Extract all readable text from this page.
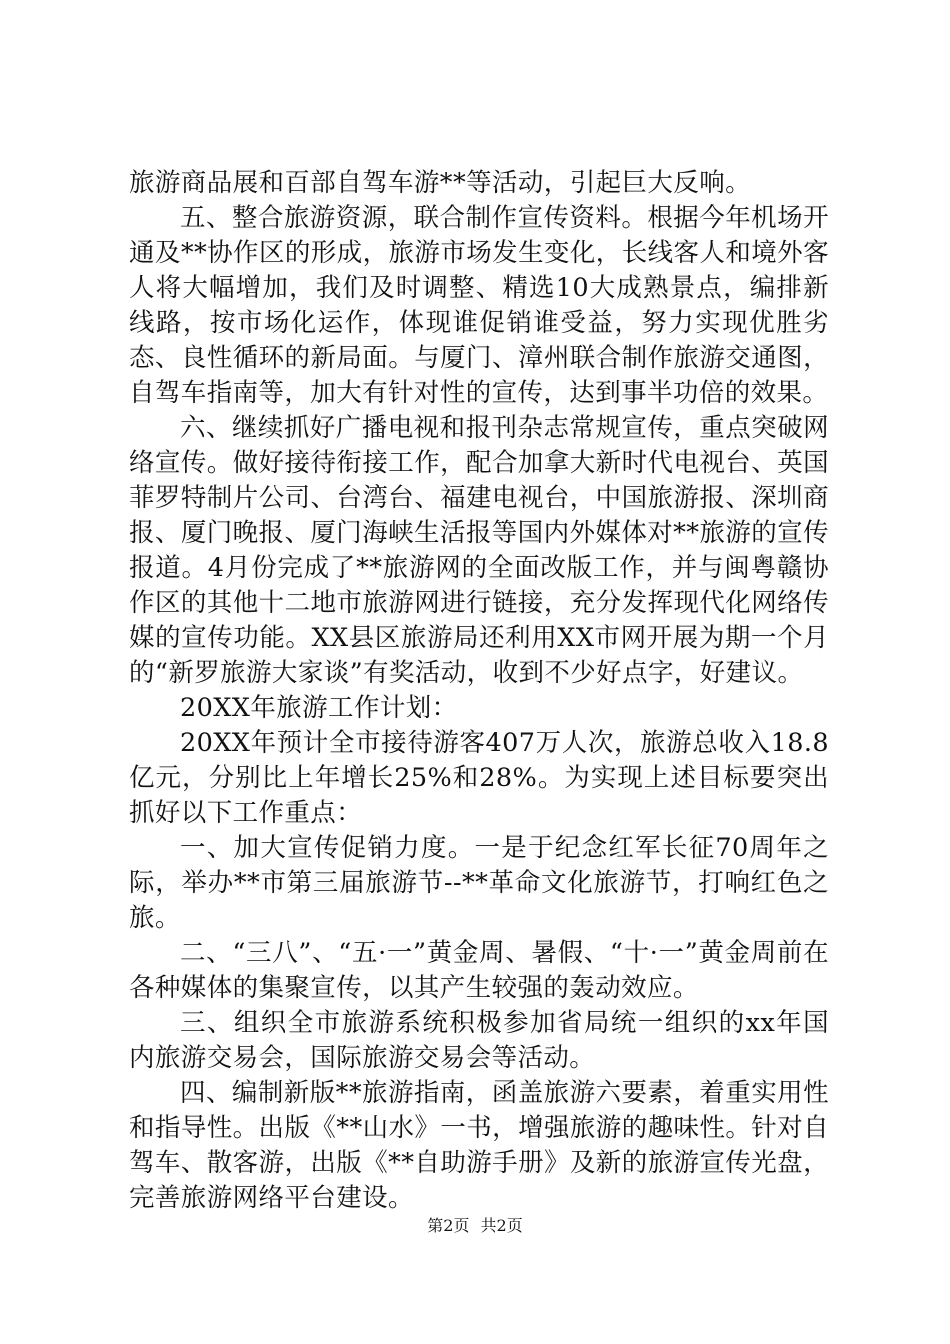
旅游商品展和百部自驾车游**等活动，引起巨大反响。

五、整合旅游资源，联合制作宣传资料。根据今年机场开通及**协作区的形成，旅游市场发生变化，长线客人和境外客人将大幅增加，我们及时调整、精选10大成熟景点，编排新线路，按市场化运作，体现谁促销谁受益，努力实现优胜劣态、良性循环的新局面。与厦门、漳州联合制作旅游交通图，自驾车指南等，加大有针对性的宣传，达到事半功倍的效果。

六、继续抓好广播电视和报刊杂志常规宣传，重点突破网络宣传。做好接待衔接工作，配合加拿大新时代电视台、英国菲罗特制片公司、台湾台、福建电视台，中国旅游报、深圳商报、厦门晚报、厦门海峡生活报等国内外媒体对**旅游的宣传报道。4月份完成了**旅游网的全面改版工作，并与闽粤赣协作区的其他十二地市旅游网进行链接，充分发挥现代化网络传媒的宣传功能。XX县区旅游局还利用XX市网开展为期一个月的“新罗旅游大家谈”有奖活动，收到不少好点字，好建议。

20XX年旅游工作计划：

20XX年预计全市接待游客407万人次，旅游总收入18.8亿元，分别比上年增长25%和28%。为实现上述目标要突出抓好以下工作重点：

一、加大宣传促销力度。一是于纪念红军长征70周年之际，举办**市第三届旅游节--**革命文化旅游节，打响红色之旅。

二、“三八”、“五·一”黄金周、暑假、“十·一”黄金周前在各种媒体的集聚宣传，以其产生较强的轰动效应。

三、组织全市旅游系统积极参加省局统一组织的xx年国内旅游交易会，国际旅游交易会等活动。

四、编制新版**旅游指南，函盖旅游六要素，着重实用性和指导性。出版《**山水》一书，增强旅游的趣味性。针对自驾车、散客游，出版《**自助游手册》及新的旅游宣传光盘，完善旅游网络平台建设。

第2页 共2页
